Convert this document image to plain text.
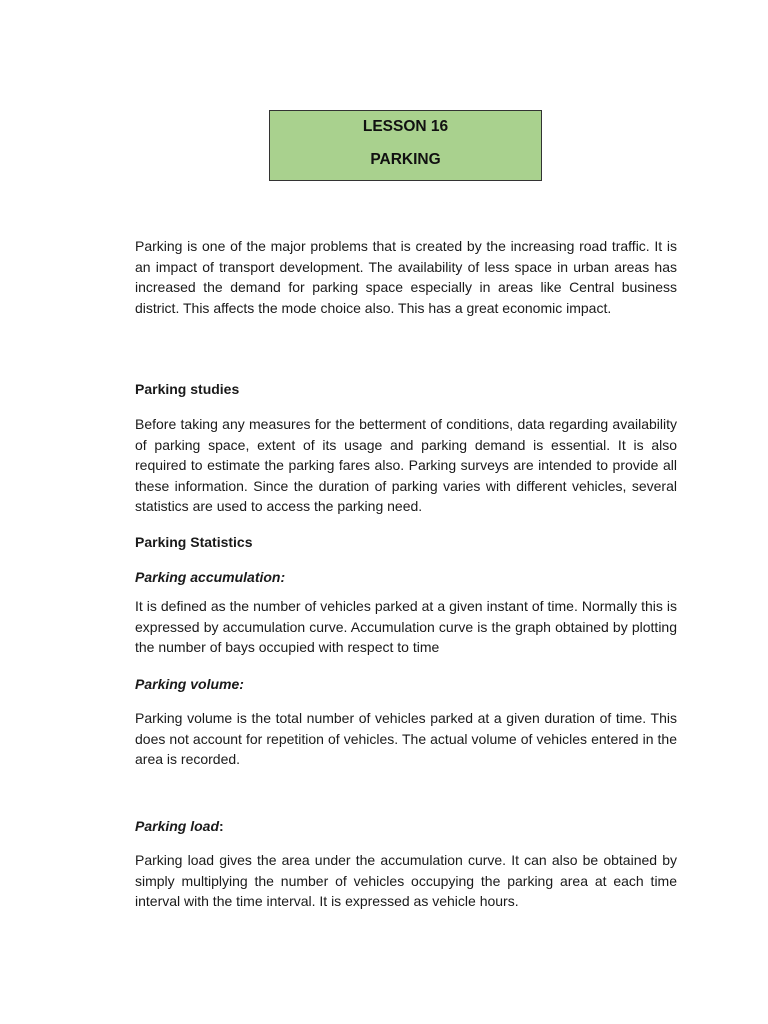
LESSON 16
PARKING

Parking is one of the major problems that is created by the increasing road traffic. It is an impact of transport development. The availability of less space in urban areas has increased the demand for parking space especially in areas like Central business district. This affects the mode choice also. This has a great economic impact.

Parking studies

Before taking any measures for the betterment of conditions, data regarding availability of parking space, extent of its usage and parking demand is essential. It is also required to estimate the parking fares also. Parking surveys are intended to provide all these information. Since the duration of parking varies with different vehicles, several statistics are used to access the parking need.

Parking Statistics
Parking accumulation:

It is defined as the number of vehicles parked at a given instant of time. Normally this is expressed by accumulation curve. Accumulation curve is the graph obtained by plotting the number of bays occupied with respect to time

Parking volume:

Parking volume is the total number of vehicles parked at a given duration of time. This does not account for repetition of vehicles. The actual volume of vehicles entered in the area is recorded.

Parking load:

Parking load gives the area under the accumulation curve. It can also be obtained by simply multiplying the number of vehicles occupying the parking area at each time interval with the time interval. It is expressed as vehicle hours.
